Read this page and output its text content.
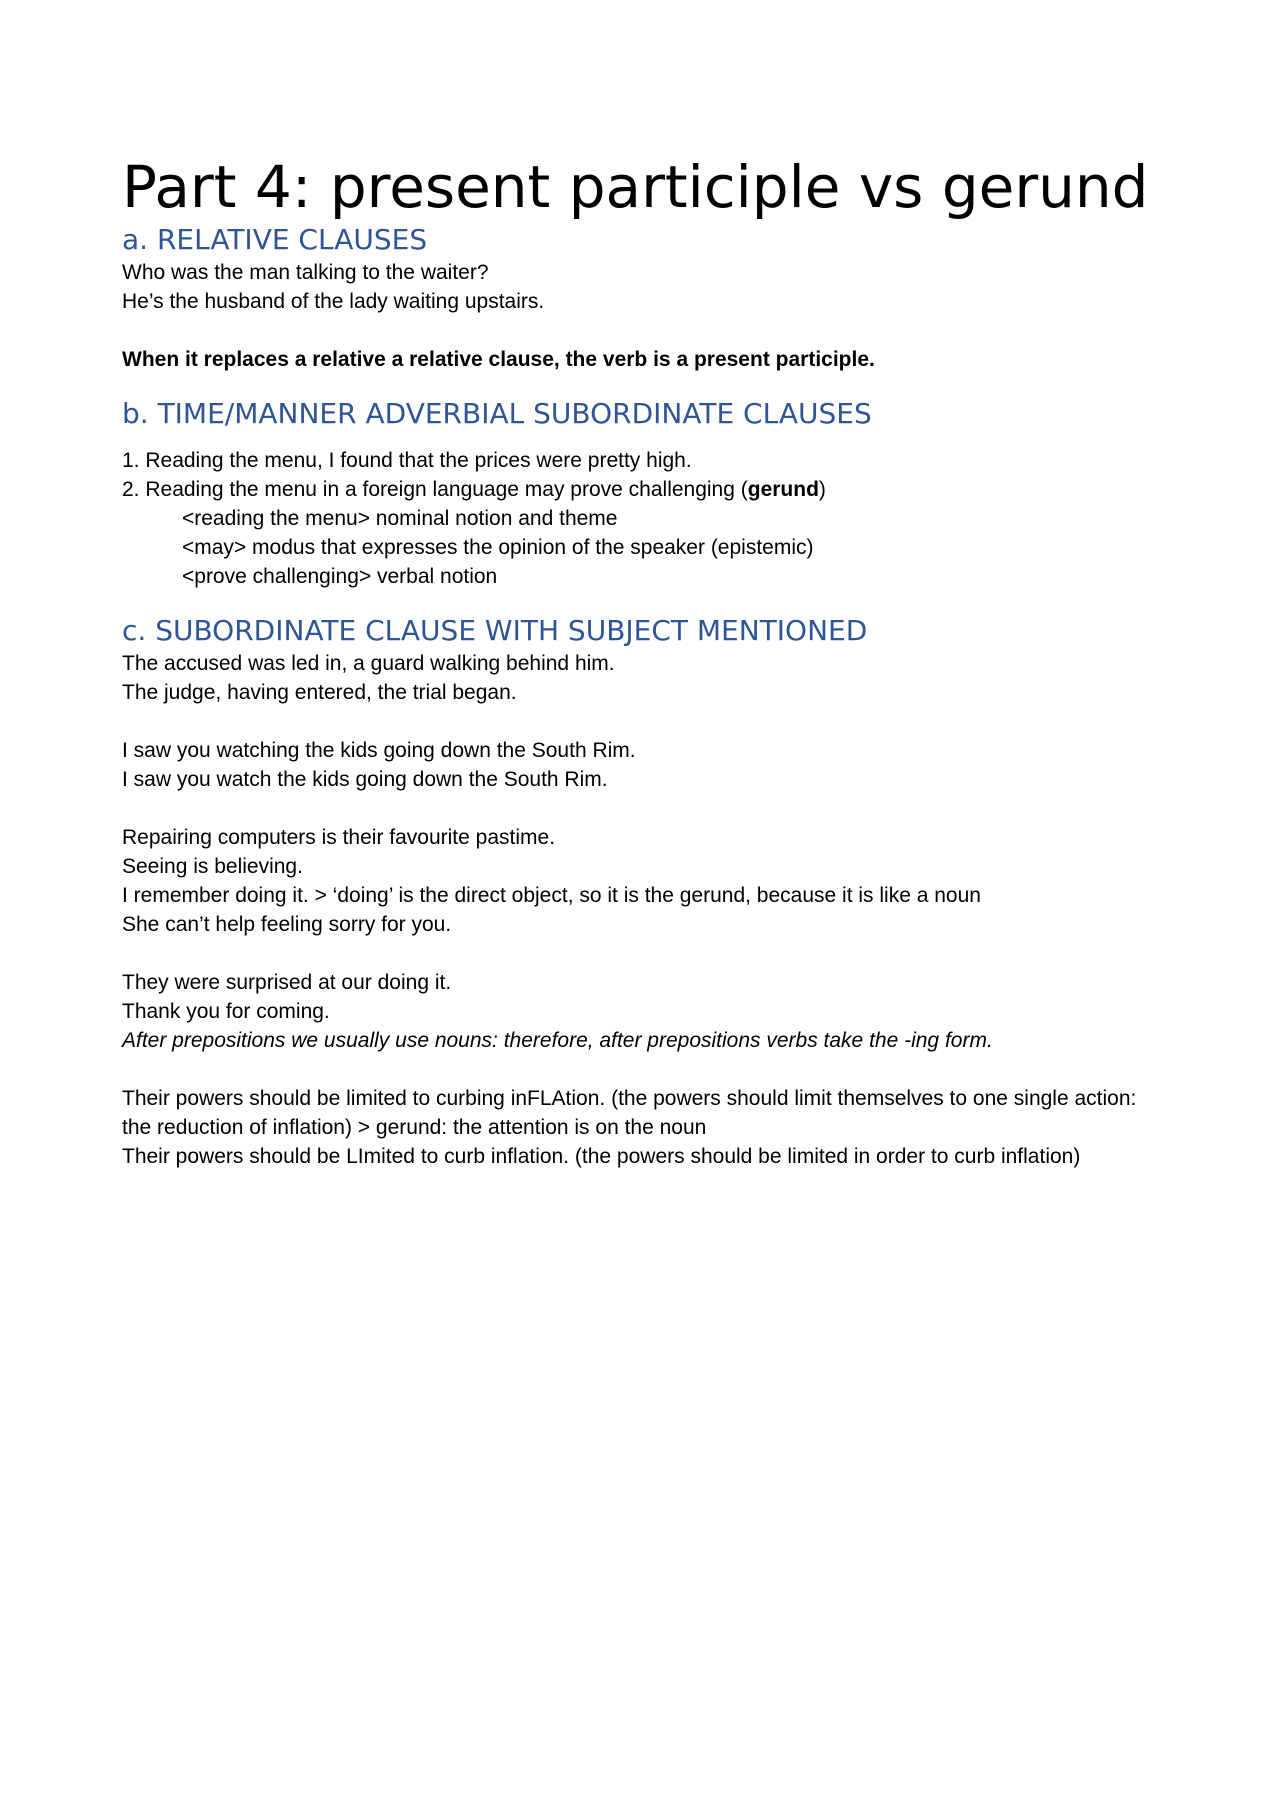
Part 4: present participle vs gerund
a. RELATIVE CLAUSES

Who was the man talking to the waiter?

He’s the husband of the lady waiting upstairs.

When it replaces a relative a relative clause, the verb is a present participle.

b. TIME/MANNER ADVERBIAL SUBORDINATE CLAUSES

1. Reading the menu, I found that the prices were pretty high.

2. Reading the menu in a foreign language may prove challenging (gerund)

<reading the menu> nominal notion and theme

<may> modus that expresses the opinion of the speaker (epistemic)

<prove challenging> verbal notion

c. SUBORDINATE CLAUSE WITH SUBJECT MENTIONED

The accused was led in, a guard walking behind him.

The judge, having entered, the trial began.

I saw you watching the kids going down the South Rim.

I saw you watch the kids going down the South Rim.

Repairing computers is their favourite pastime.

Seeing is believing.

I remember doing it. > ‘doing’ is the direct object, so it is the gerund, because it is like a noun

She can’t help feeling sorry for you.

They were surprised at our doing it.

Thank you for coming.

After prepositions we usually use nouns: therefore, after prepositions verbs take the -ing form.

Their powers should be limited to curbing inFLAtion. (the powers should limit themselves to one single action: the reduction of inflation) > gerund: the attention is on the noun

Their powers should be LImited to curb inflation. (the powers should be limited in order to curb inflation)
